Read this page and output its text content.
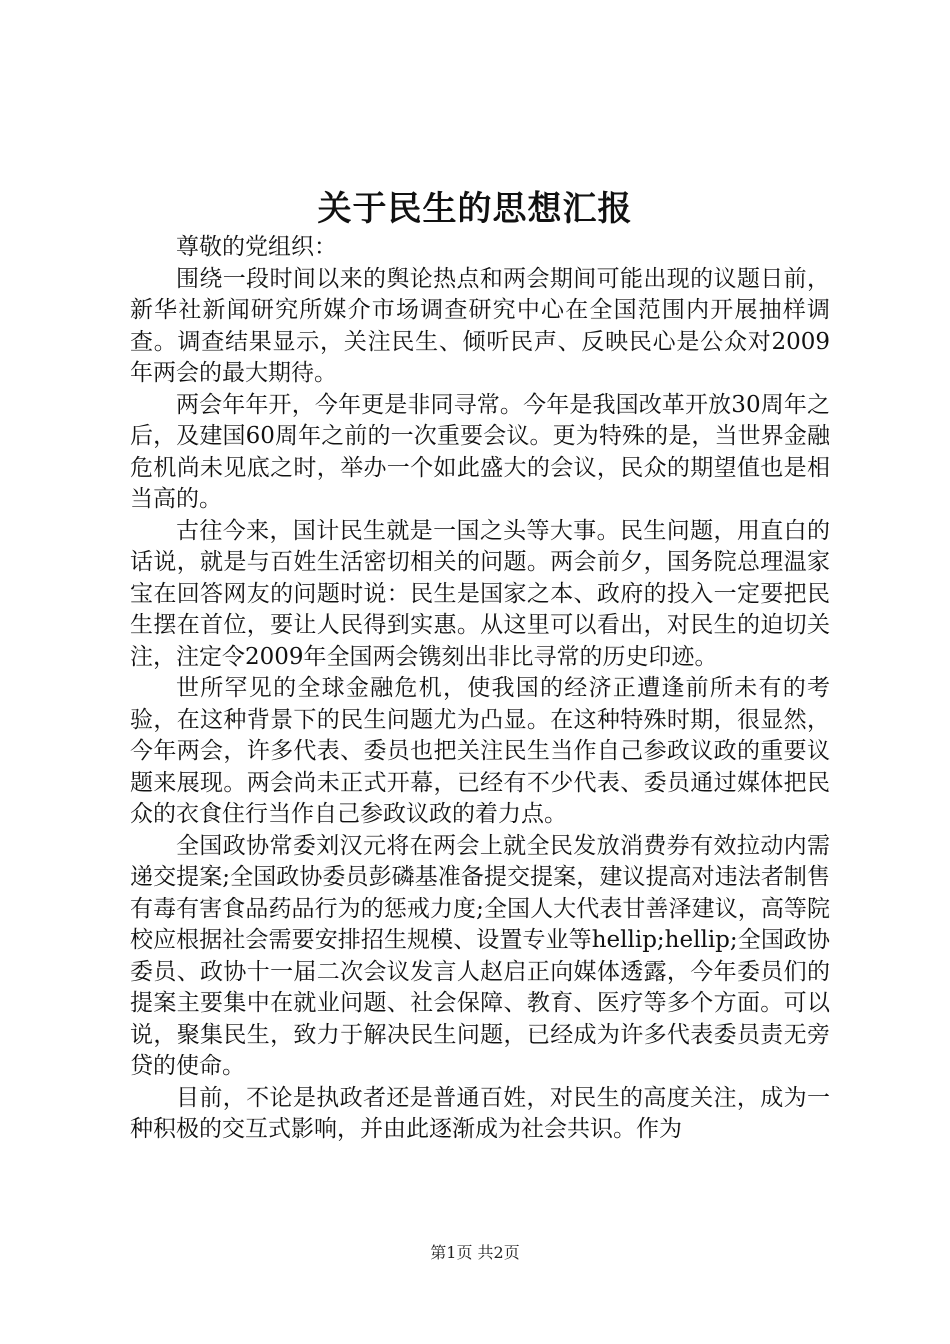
关于民生的思想汇报

尊敬的党组织：

围绕一段时间以来的舆论热点和两会期间可能出现的议题日前，新华社新闻研究所媒介市场调查研究中心在全国范围内开展抽样调查。调查结果显示，关注民生、倾听民声、反映民心是公众对2009年两会的最大期待。

两会年年开，今年更是非同寻常。今年是我国改革开放30周年之后，及建国60周年之前的一次重要会议。更为特殊的是，当世界金融危机尚未见底之时，举办一个如此盛大的会议，民众的期望值也是相当高的。

古往今来，国计民生就是一国之头等大事。民生问题，用直白的话说，就是与百姓生活密切相关的问题。两会前夕，国务院总理温家宝在回答网友的问题时说：民生是国家之本、政府的投入一定要把民生摆在首位，要让人民得到实惠。从这里可以看出，对民生的迫切关注，注定令2009年全国两会镌刻出非比寻常的历史印迹。

世所罕见的全球金融危机，使我国的经济正遭逢前所未有的考验，在这种背景下的民生问题尤为凸显。在这种特殊时期，很显然，今年两会，许多代表、委员也把关注民生当作自己参政议政的重要议题来展现。两会尚未正式开幕，已经有不少代表、委员通过媒体把民众的衣食住行当作自己参政议政的着力点。

全国政协常委刘汉元将在两会上就全民发放消费券有效拉动内需递交提案;全国政协委员彭磷基准备提交提案，建议提高对违法者制售有毒有害食品药品行为的惩戒力度;全国人大代表甘善泽建议，高等院校应根据社会需要安排招生规模、设置专业等hellip;hellip;全国政协委员、政协十一届二次会议发言人赵启正向媒体透露，今年委员们的提案主要集中在就业问题、社会保障、教育、医疗等多个方面。可以说，聚集民生，致力于解决民生问题，已经成为许多代表委员责无旁贷的使命。

目前，不论是执政者还是普通百姓，对民生的高度关注，成为一种积极的交互式影响，并由此逐渐成为社会共识。作为

第1页 共2页
